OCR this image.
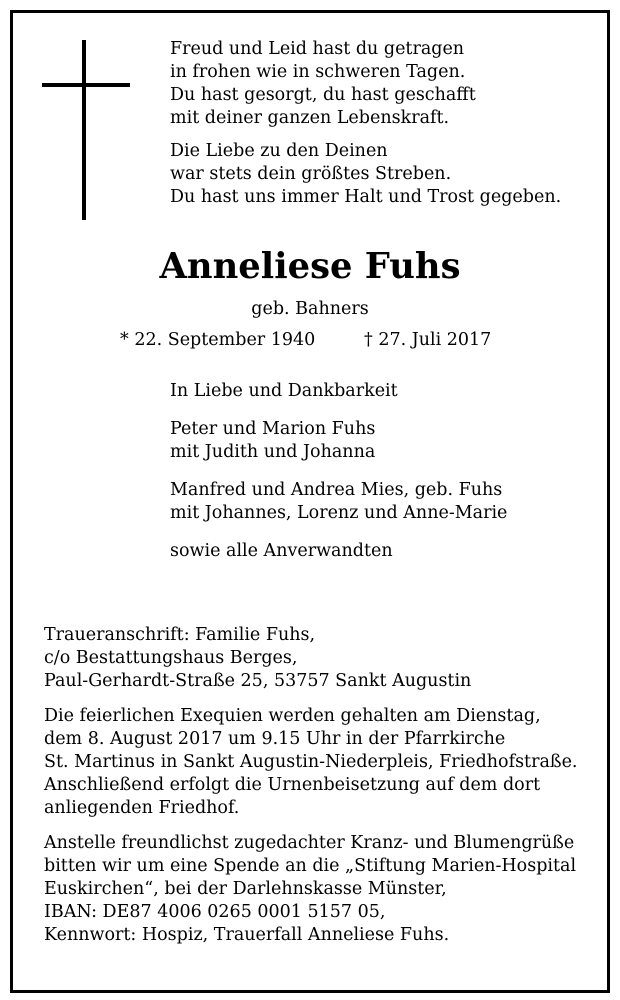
Freud und Leid hast du getragen
in frohen wie in schweren Tagen.
Du hast gesorgt, du hast geschafft
mit deiner ganzen Lebenskraft.
Die Liebe zu den Deinen
war stets dein größtes Streben.
Du hast uns immer Halt und Trost gegeben.
Anneliese Fuhs
geb. Bahners
* 22. September 1940	† 27. Juli 2017
In Liebe und Dankbarkeit
Peter und Marion Fuhs
mit Judith und Johanna
Manfred und Andrea Mies, geb. Fuhs
mit Johannes, Lorenz und Anne-Marie
sowie alle Anverwandten
Traueranschrift: Familie Fuhs,
c/o Bestattungshaus Berges,
Paul-Gerhardt-Straße 25, 53757 Sankt Augustin
Die feierlichen Exequien werden gehalten am Dienstag,
dem 8. August 2017 um 9.15 Uhr in der Pfarrkirche
St. Martinus in Sankt Augustin-Niederpleis, Friedhofstraße.
Anschließend erfolgt die Urnenbeisetzung auf dem dort
anliegenden Friedhof.
Anstelle freundlichst zugedachter Kranz- und Blumengrüße
bitten wir um eine Spende an die „Stiftung Marien-Hospital
Euskirchen“, bei der Darlehnskasse Münster,
IBAN: DE87 4006 0265 0001 5157 05,
Kennwort: Hospiz, Trauerfall Anneliese Fuhs.
